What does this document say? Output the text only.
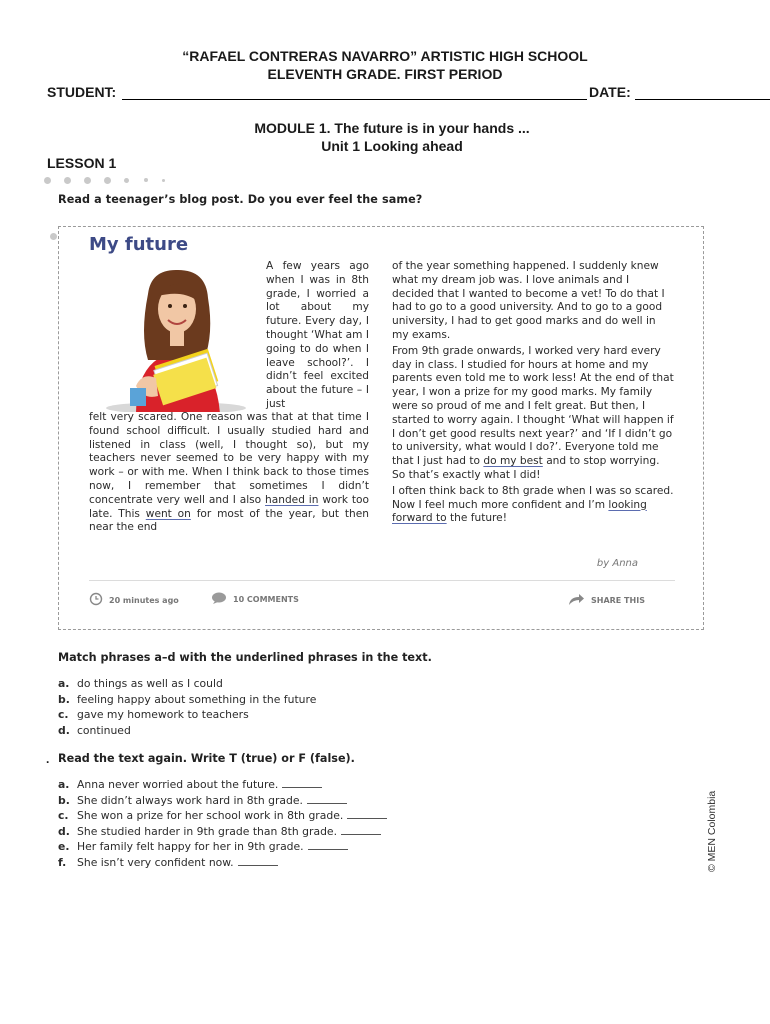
“RAFAEL CONTRERAS NAVARRO” ARTISTIC HIGH SCHOOL
ELEVENTH GRADE. FIRST PERIOD
STUDENT:	DATE:
MODULE 1. The future is in your hands ...
Unit 1 Looking ahead
LESSON 1
Read a teenager’s blog post. Do you ever feel the same?
My future
A few years ago when I was in 8th grade, I worried a lot about my future. Every day, I thought ‘What am I going to do when I leave school?’. I didn’t feel excited about the future – I just
felt very scared. One reason was that at that time I found school difficult. I usually studied hard and listened in class (well, I thought so), but my teachers never seemed to be very happy with my work – or with me. When I think back to those times now, I remember that sometimes I didn’t concentrate very well and I also handed in work too late. This went on for most of the year, but then near the end

of the year something happened. I suddenly knew what my dream job was. I love animals and I decided that I wanted to become a vet! To do that I had to go to a good university. And to go to a good university, I had to get good marks and do well in my exams.

From 9th grade onwards, I worked very hard every day in class. I studied for hours at home and my parents even told me to work less! At the end of that year, I won a prize for my good marks. My family were so proud of me and I felt great. But then, I started to worry again. I thought ‘What will happen if I don’t get good results next year?’ and ‘If I didn’t go to university, what would I do?’. Everyone told me that I just had to do my best and to stop worrying. So that’s exactly what I did!

I often think back to 8th grade when I was so scared. Now I feel much more confident and I’m looking forward to the future!

by Anna
20 minutes ago	10 COMMENTS	SHARE THIS
Match phrases a–d with the underlined phrases in the text.
a. do things as well as I could
b. feeling happy about something in the future
c. gave my homework to teachers
d. continued
. Read the text again. Write T (true) or F (false).
a. Anna never worried about the future.
b. She didn’t always work hard in 8th grade.
c. She won a prize for her school work in 8th grade.
d. She studied harder in 9th grade than 8th grade.
e. Her family felt happy for her in 9th grade.
f. She isn’t very confident now.	© MEN Colombia
